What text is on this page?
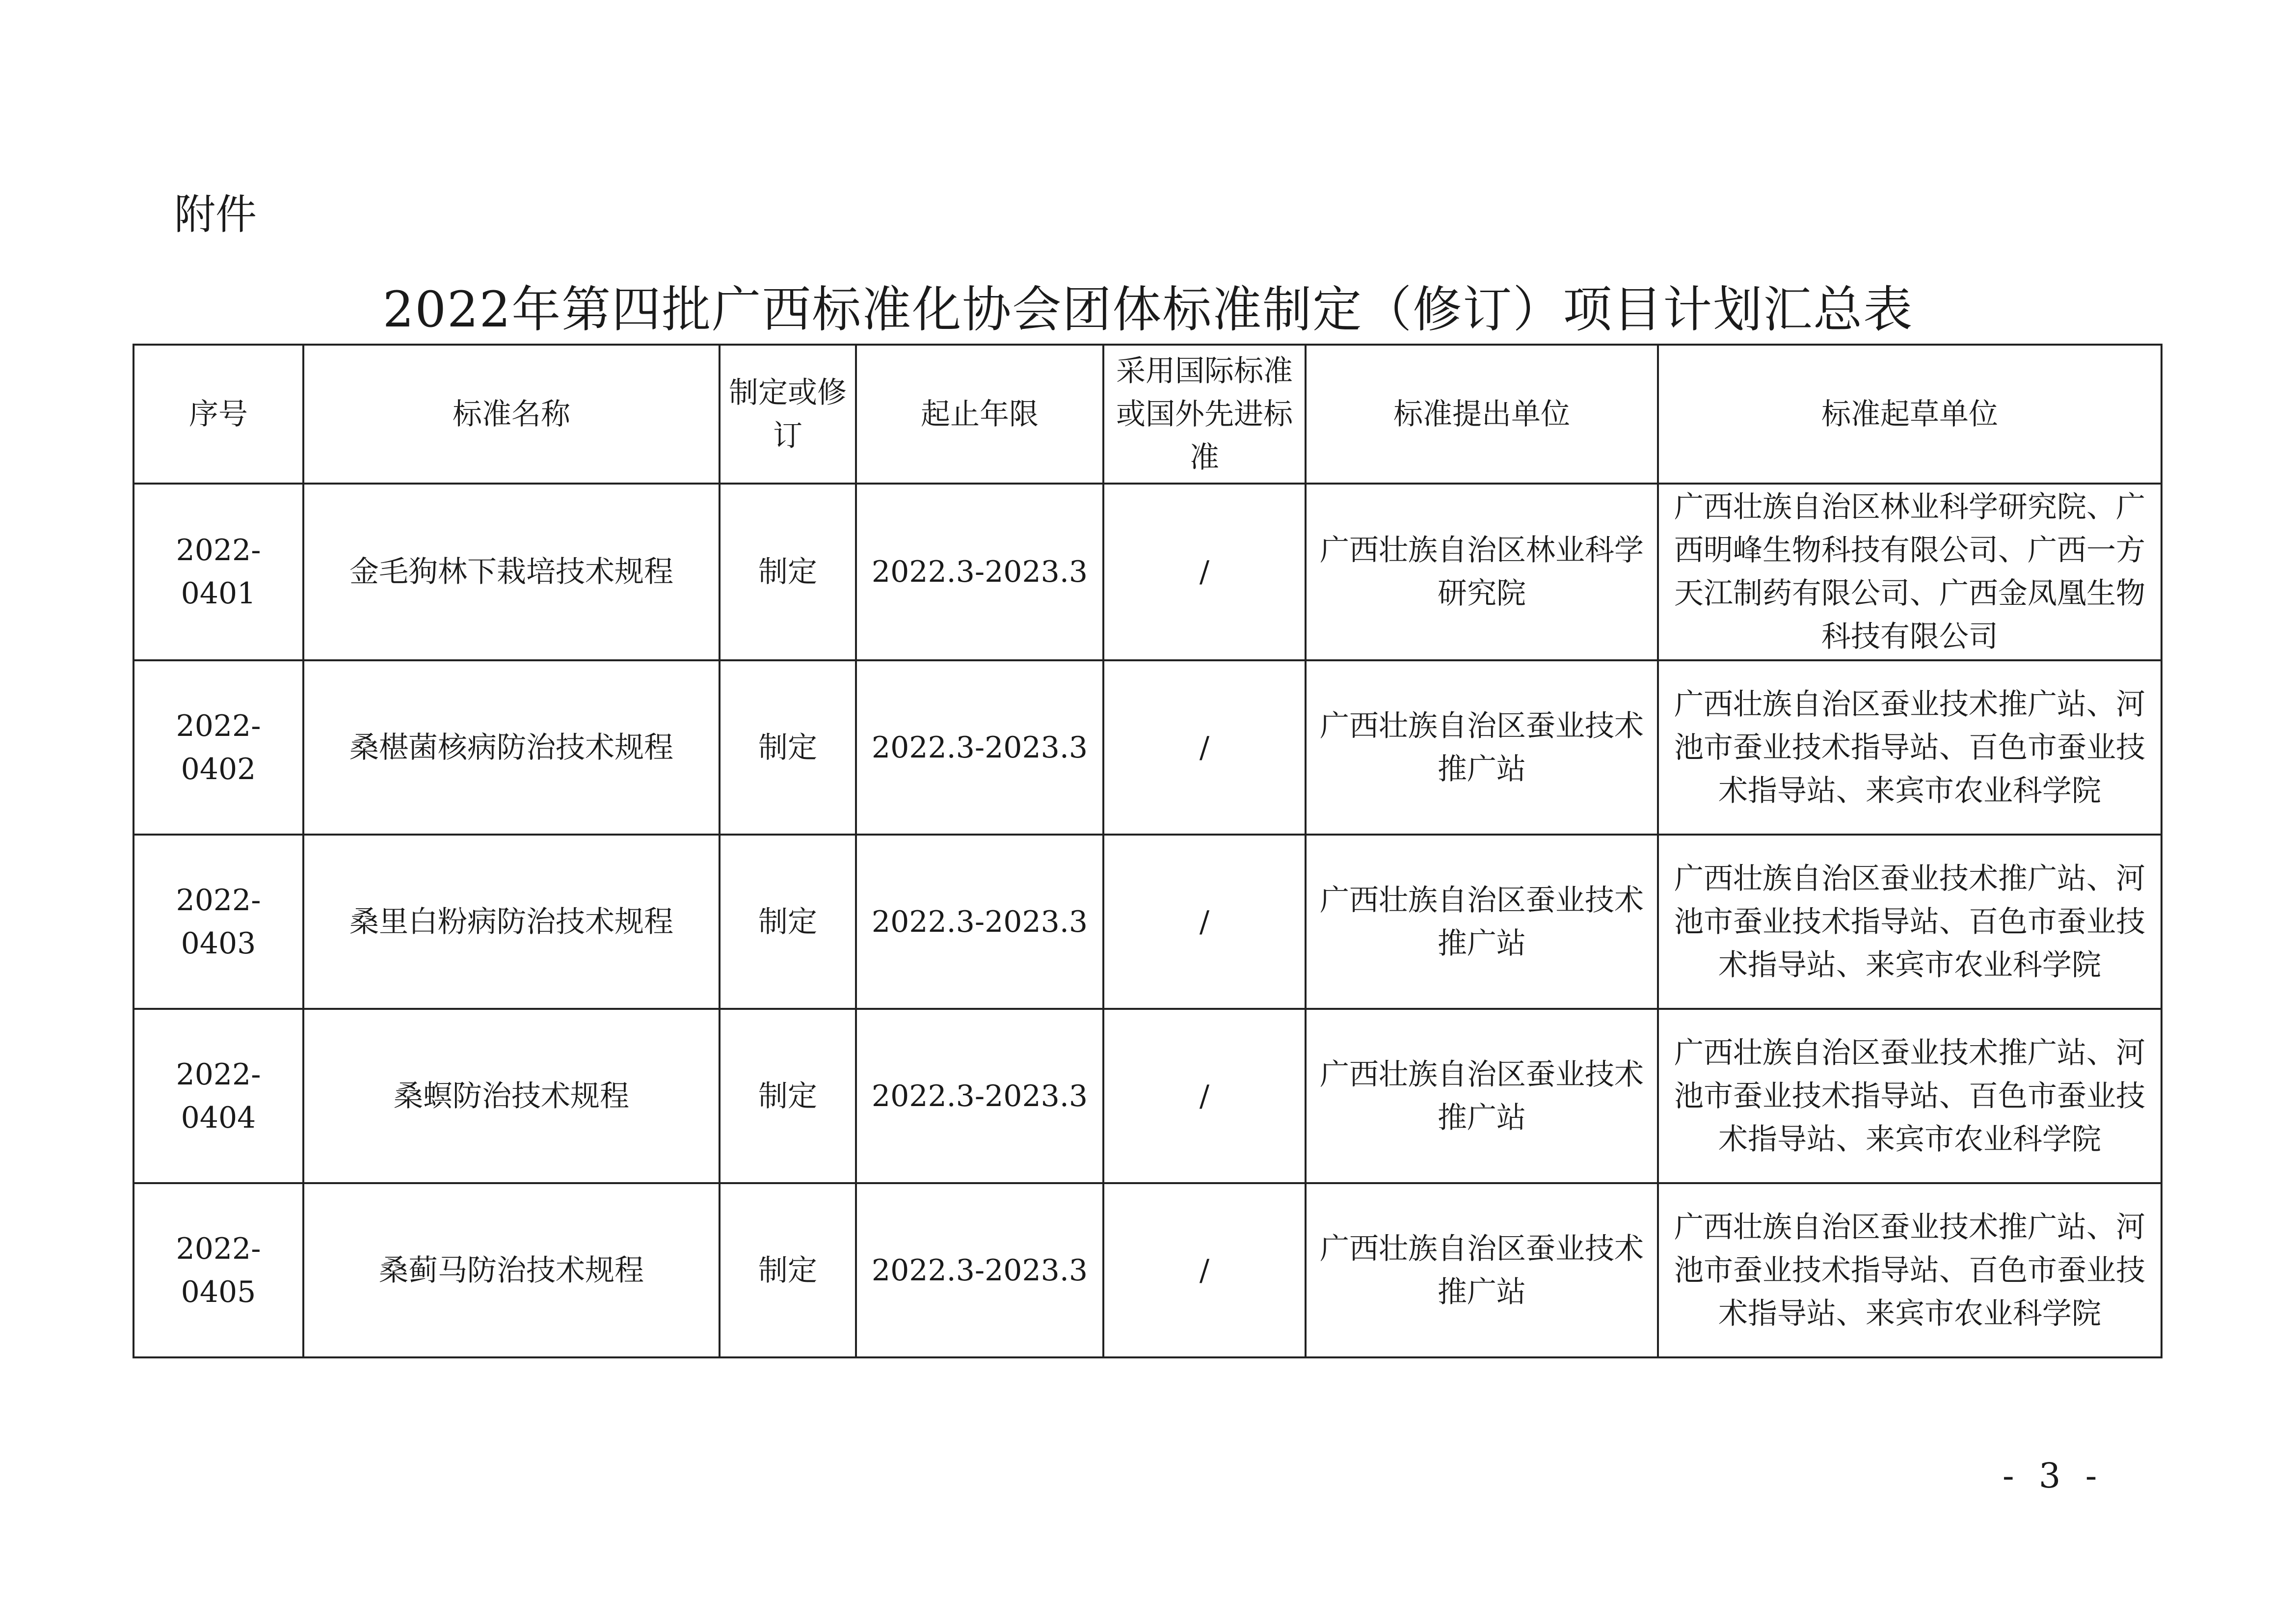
附件
2022年第四批广西标准化协会团体标准制定（修订）项目计划汇总表
序号	标准名称	制定或修订	起止年限	采用国际标准或国外先进标准	标准提出单位	标准起草单位
2022-0401	金毛狗林下栽培技术规程	制定	2022.3-2023.3	/	广西壮族自治区林业科学研究院	广西壮族自治区林业科学研究院、广西明峰生物科技有限公司、广西一方天江制药有限公司、广西金凤凰生物科技有限公司
2022-0402	桑椹菌核病防治技术规程	制定	2022.3-2023.3	/	广西壮族自治区蚕业技术推广站	广西壮族自治区蚕业技术推广站、河池市蚕业技术指导站、百色市蚕业技术指导站、来宾市农业科学院
2022-0403	桑里白粉病防治技术规程	制定	2022.3-2023.3	/	广西壮族自治区蚕业技术推广站	广西壮族自治区蚕业技术推广站、河池市蚕业技术指导站、百色市蚕业技术指导站、来宾市农业科学院
2022-0404	桑螟防治技术规程	制定	2022.3-2023.3	/	广西壮族自治区蚕业技术推广站	广西壮族自治区蚕业技术推广站、河池市蚕业技术指导站、百色市蚕业技术指导站、来宾市农业科学院
2022-0405	桑蓟马防治技术规程	制定	2022.3-2023.3	/	广西壮族自治区蚕业技术推广站	广西壮族自治区蚕业技术推广站、河池市蚕业技术指导站、百色市蚕业技术指导站、来宾市农业科学院
- 3 -
